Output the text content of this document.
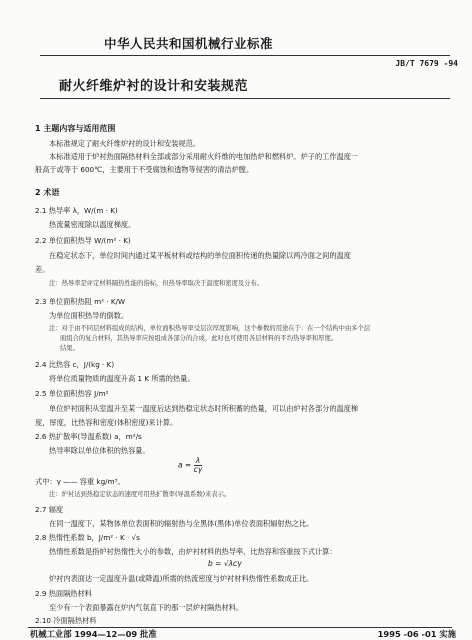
中华人民共和国机械行业标准
JB/T 7679 -94
耐火纤维炉衬的设计和安装规范
1 主题内容与适用范围
本标准规定了耐火纤维炉衬的设计和安装规范。
本标准适用于炉衬热面隔热材料全部或部分采用耐火纤维的电加热炉和燃料炉。炉子的工作温度一
般高于或等于 600℃，主要用于不受腐蚀和透物等侵害的清洁炉膛。
2 术语
2.1 热导率 λ，W/(m · K)
热流量密度除以温度梯度。
2.2 单位面积热导 W/(m² · K)
在稳定状态下，单位时间内通过某平板材料或结构的单位面积传递的热量除以两冷面之间的温度
差。
注：热导率是评定材料隔热性能的指标，但热导率取决于温度和密度及分布。
2.3 单位面积热阻 m² · K/W
为单位面积热导的倒数。
注：对于由不同层材料组成的结构，单位面积热导率受层次厚度影响，这个参数的用途在于：在一个结构中由多个层
面组合的复合材料，其热导率应按组成各部分的合成，此时也可使用各层材料的平均热导率和厚度。
结果。
2.4 比热容 c，J/(kg · K)
将单位质量物质的温度升高 1 K 所需的热量。
2.5 单位面积热容 J/m²
单位炉衬面积从室温升至某一温度后达到热稳定状态时所积蓄的热量，可以由炉衬各部分的温度梯
度，厚度，比热容和密度(体积密度)来计算。
2.6 热扩散率(导温系数) a，m²/s
热导率除以单位体积的热容量。
$a = \frac{\lambda}{c\gamma}$
式中：γ —— 容重 kg/m³。
注：炉衬达到热稳定状态的速度可用热扩散率(导温系数)来表示。
2.7 辐度
在同一温度下，某物体单位表面积的辐射热与全黑体(黑体)单位表面积辐射热之比。
2.8 热惰性系数 b，J/m² · K · √s
热惰性系数是指炉衬热惰性大小的参数，由炉衬材料的热导率、比热容和容重按下式计算：
b = √λcγ
炉衬内表面达一定温度升温(或降温)所需的热流密度与炉衬材料热惰性系数成正比。
2.9 热面隔热材料
至少有一个表面暴露在炉内气氛直下的那一层炉衬隔热材料。
2.10 冷面隔热材料
机械工业部 1994—12—09 批准	1995 -06 -01 实施
